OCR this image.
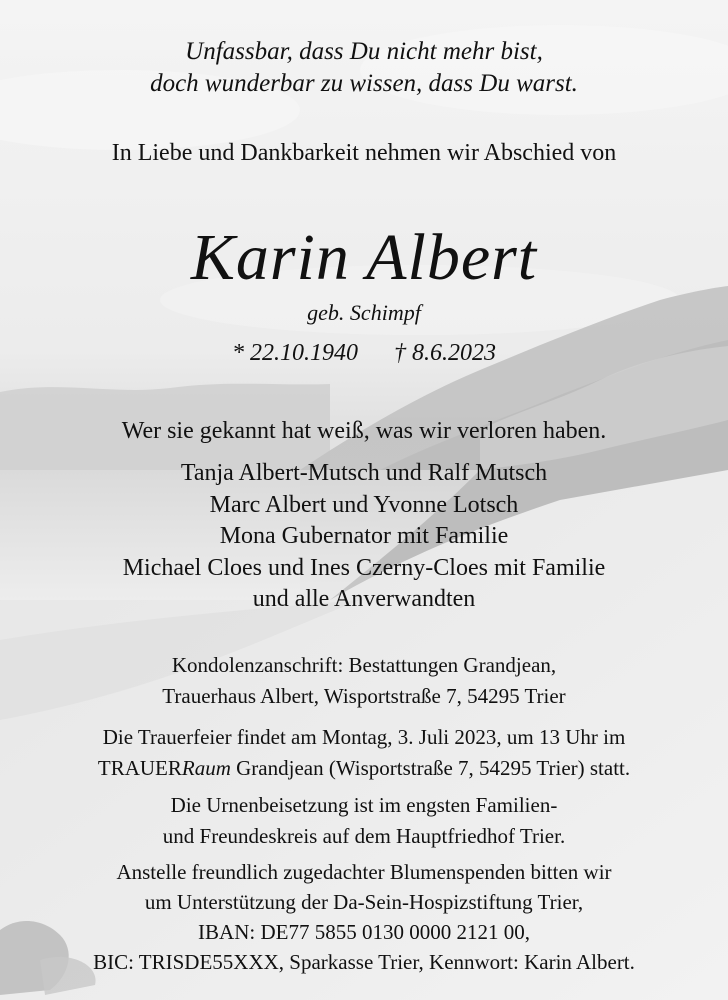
Unfassbar, dass Du nicht mehr bist,
doch wunderbar zu wissen, dass Du warst.
In Liebe und Dankbarkeit nehmen wir Abschied von
Karin Albert
geb. Schimpf
* 22.10.1940 † 8.6.2023
Wer sie gekannt hat weiß, was wir verloren haben.
Tanja Albert-Mutsch und Ralf Mutsch
Marc Albert und Yvonne Lotsch
Mona Gubernator mit Familie
Michael Cloes und Ines Czerny-Cloes mit Familie
und alle Anverwandten
Kondolenzanschrift: Bestattungen Grandjean,
Trauerhaus Albert, Wisportstraße 7, 54295 Trier
Die Trauerfeier findet am Montag, 3. Juli 2023, um 13 Uhr im
TRAUERRaum Grandjean (Wisportstraße 7, 54295 Trier) statt.
Die Urnenbeisetzung ist im engsten Familien-
und Freundeskreis auf dem Hauptfriedhof Trier.
Anstelle freundlich zugedachter Blumenspenden bitten wir
um Unterstützung der Da-Sein-Hospizstiftung Trier,
IBAN: DE77 5855 0130 0000 2121 00,
BIC: TRISDE55XXX, Sparkasse Trier, Kennwort: Karin Albert.
